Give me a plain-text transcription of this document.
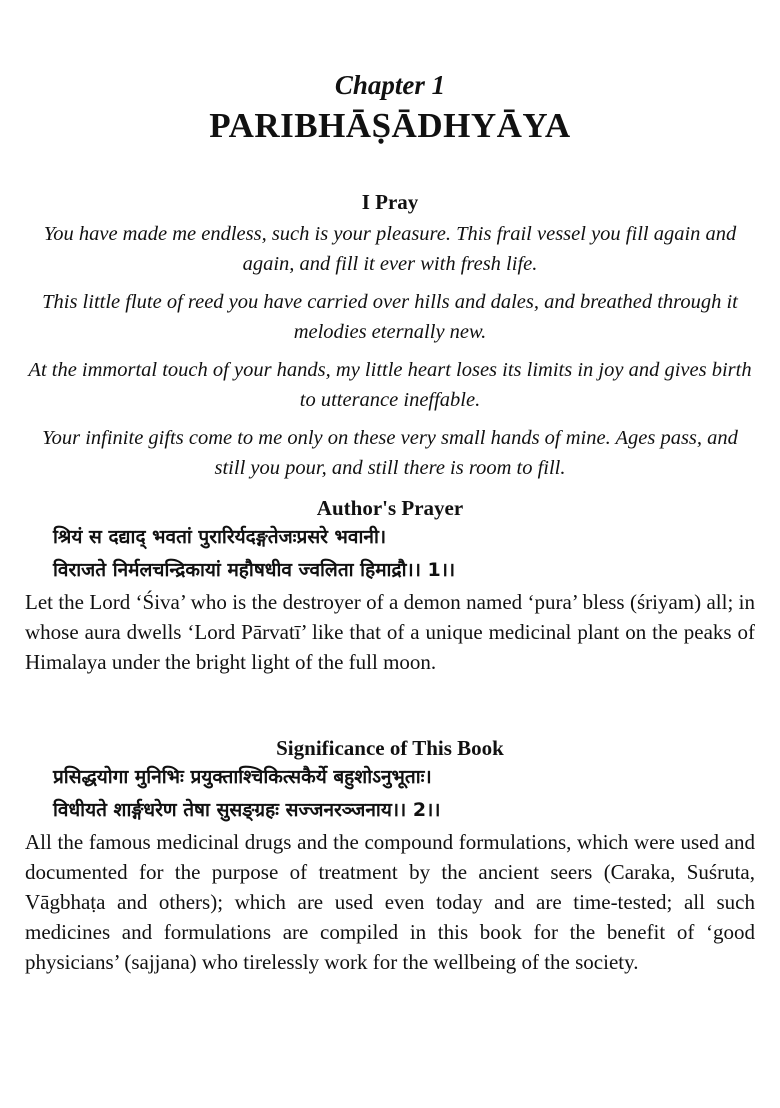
Chapter 1
PARIBHĀṢĀDHYĀYA
I Pray

You have made me endless, such is your pleasure. This frail vessel you fill again and again, and fill it ever with fresh life.

This little flute of reed you have carried over hills and dales, and breathed through it melodies eternally new.

At the immortal touch of your hands, my little heart loses its limits in joy and gives birth to utterance ineffable.

Your infinite gifts come to me only on these very small hands of mine. Ages pass, and still you pour, and still there is room to fill.

Author's Prayer
श्रियं स दद्याद् भवतां पुरारिर्यदङ्गतेजःप्रसरे भवानी।
विराजते निर्मलचन्द्रिकायां महौषधीव ज्वलिता हिमाद्रौ।। 1।।

Let the Lord ‘Śiva’ who is the destroyer of a demon named ‘pura’ bless (śriyam) all; in whose aura dwells ‘Lord Pārvatī’ like that of a unique medicinal plant on the peaks of Himalaya under the bright light of the full moon.

Significance of This Book
प्रसिद्धयोगा मुनिभिः प्रयुक्ताश्चिकित्सकैर्ये बहुशोऽनुभूताः।
विधीयते शार्ङ्गधरेण तेषा सुसङ्ग्रहः सज्जनरञ्जनाय।। 2।।

All the famous medicinal drugs and the compound formulations, which were used and documented for the purpose of treatment by the ancient seers (Caraka, Suśruta, Vāgbhaṭa and others); which are used even today and are time-tested; all such medicines and formulations are compiled in this book for the benefit of ‘good physicians’ (sajjana) who tirelessly work for the wellbeing of the society.
